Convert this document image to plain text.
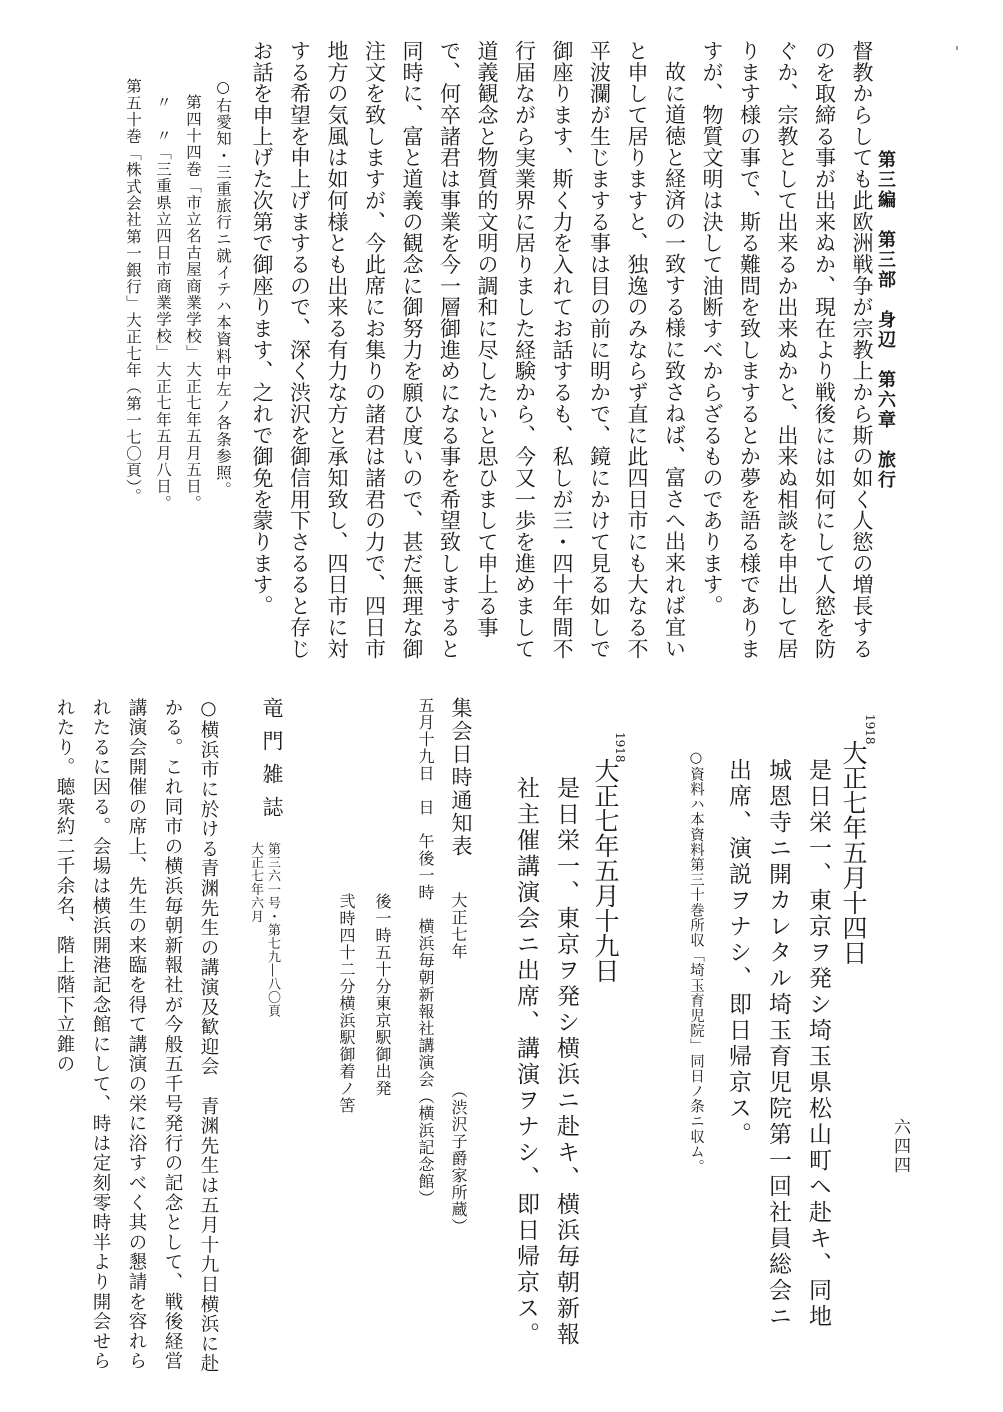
第三編　第三部　身辺　第六章　旅行

督教からしても此欧洲戦争が宗教上から斯の如く人慾の増長するのを取締る事が出来ぬか、現在より戦後には如何にして人慾を防ぐか、宗教として出来るか出来ぬかと、出来ぬ相談を申出して居ります様の事で、斯る難問を致しまするとか夢を語る様でありますが、物質文明は決して油断すべからざるものであります。

故に道徳と経済の一致する様に致さねば、富さへ出来れば宜いと申して居りますと、独逸のみならず直に此四日市にも大なる不平波瀾が生じまする事は目の前に明かで、鏡にかけて見る如しで御座ります、斯く力を入れてお話するも、私しが三・四十年間不行届ながら実業界に居りました経験から、今又一歩を進めまして道義観念と物質的文明の調和に尽したいと思ひまして申上る事で、何卒諸君は事業を今一層御進めになる事を希望致しますると同時に、富と道義の観念に御努力を願ひ度いので、甚だ無理な御注文を致しますが、今此席にお集りの諸君は諸君の力で、四日市地方の気風は如何様とも出来る有力な方と承知致し、四日市に対する希望を申上げまするので、深く渋沢を御信用下さるると存じお話を申上げた次第で御座ります、之れで御免を蒙ります。

○右愛知・三重旅行ニ就イテハ本資料中左ノ各条参照。
第四十四巻「市立名古屋商業学校」大正七年五月五日。
〃　〃「三重県立四日市商業学校」大正七年五月八日。
第五十巻「株式会社第一銀行」大正七年（第一七〇頁）。
六四四
1918
大正七年五月十四日
是日栄一、東京ヲ発シ埼玉県松山町ヘ赴キ、同地
城恩寺ニ開カレタル埼玉育児院第一回社員総会ニ
出席、演説ヲナシ、即日帰京ス。
○資料ハ本資料第三十巻所収「埼玉育児院」同日ノ条ニ収ム。
1918
大正七年五月十九日
是日栄一、東京ヲ発シ横浜ニ赴キ、横浜毎朝新報
社主催講演会ニ出席、講演ヲナシ、即日帰京ス。
集会日時通知表
大正七年
（渋沢子爵家所蔵）
五月十九日　日　午後一時　横浜毎朝新報社講演会（横浜記念館）
後一時五十分東京駅御出発
弐時四十二分横浜駅御着ノ筈
竜門雑誌
第三六一号・第七九―八〇頁
大正七年六月

○横浜市に於ける青渊先生の講演及歓迎会　青渊先生は五月十九日横浜に赴かる。これ同市の横浜毎朝新報社が今般五千号発行の記念として、戦後経営講演会開催の席上、先生の来臨を得て講演の栄に浴すべく其の懇請を容れられたるに因る。会場は横浜開港記念館にして、時は定刻零時半より開会せられたり。聴衆約二千余名、階上階下立錐の
